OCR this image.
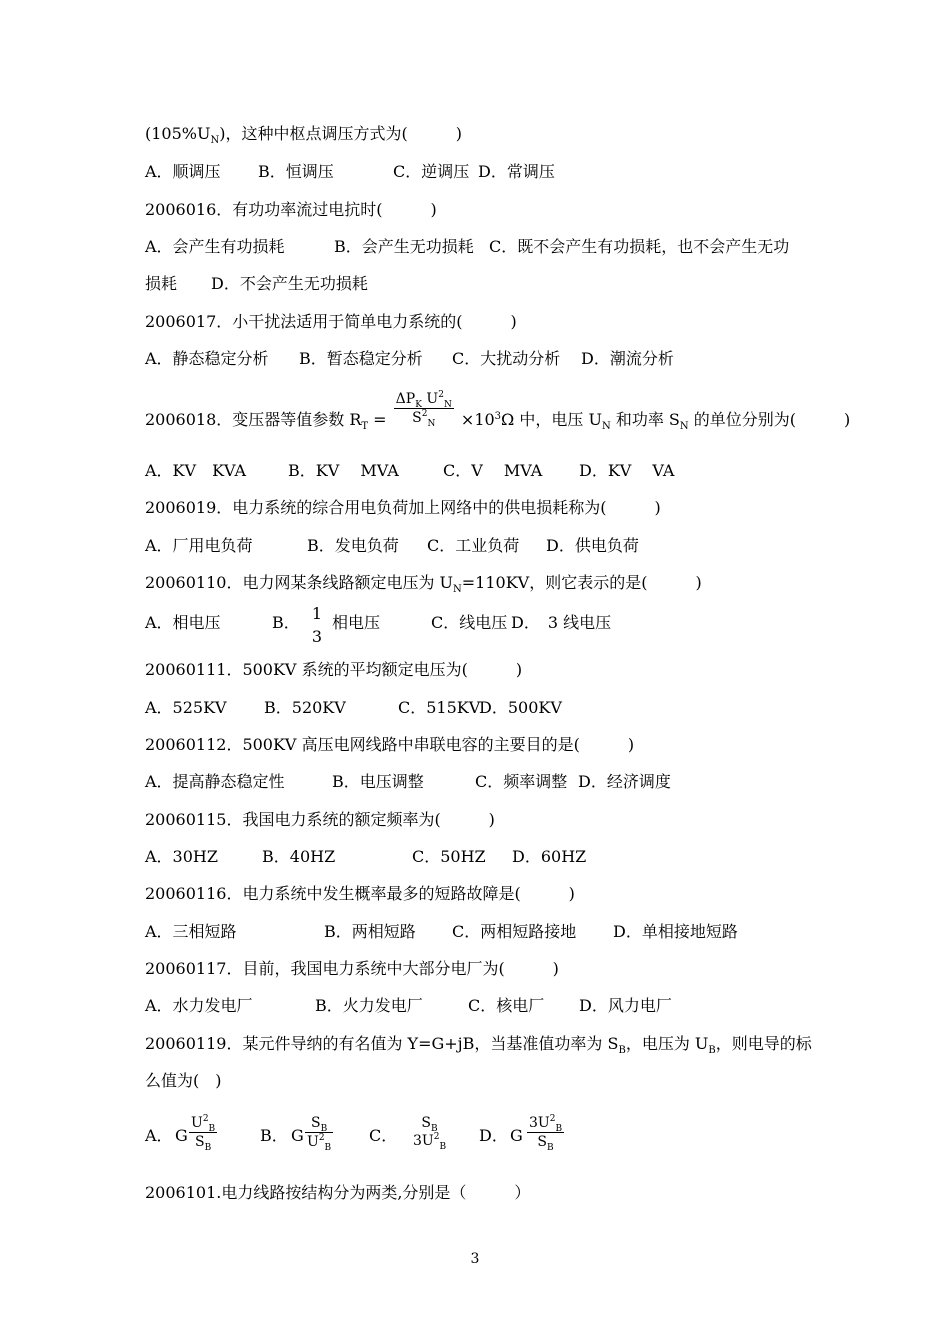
$(105\%U_N)$，这种中枢点调压方式为(　　　)
A．顺调压 B．恒调压	C．逆调压 D．常调压
2006016．有功功率流过电抗时(　　　)
A．会产生有功损耗	B．会产生无功损耗 C．既不会产生有功损耗，也不会产生无功
损耗 D．不会产生无功损耗
2006017．小干扰法适用于简单电力系统的(　　　)
A．静态稳定分析 B．暂态稳定分析 C．大扰动分析 D．潮流分析
2006018．变压器等值参数 $R_T = \frac{\Delta P_K U^2_N}{S^2_N} \times 10^3\Omega$ 中，电压 $U_N$ 和功率 $S_N$ 的单位分别为(　　　)
A．KV　KVA	B．KV　 MVA	C．V　 MVA D．KV　 VA
2006019．电力系统的综合用电负荷加上网络中的供电损耗称为(　　　)
A．厂用电负荷	B．发电负荷 C．工业负荷 D．供电负荷
20060110．电力网某条线路额定电压为 $U_N=110KV$，则它表示的是(　　　)
A．相电压	B． 1
3
相电压	C．线电压 D．　3 线电压
20060111．500KV 系统的平均额定电压为(　　　)
A．525KV B．520KV	C．515KV
D．500KV
20060112．500KV 高压电网线路中串联电容的主要目的是(　　　)
A．提高静态稳定性	B．电压调整	C．频率调整 D．经济调度
20060115．我国电力系统的额定频率为(　　　)
A．30HZ	B．40HZ	C．50HZ D．60HZ
20060116．电力系统中发生概率最多的短路故障是(　　　)
A．三相短路	B．两相短路 C．两相短路接地 D．单相接地短路
20060117．目前，我国电力系统中大部分电厂为(　　　)
A．水力发电厂	B．火力发电厂	C．核电厂 D．风力电厂
20060119．某元件导纳的有名值为 Y=G+jB，当基准值功率为 $S_B$，电压为 $U_B$，则电导的标
么值为(　)
A． G $\frac{U^2_B}{S_B}$	B． G $\frac{S_B}{U^2_B}$ C．
$S_B$
$3U^2_B$
D． G $\frac{3U^2_B}{S_B}$
2006101.电力线路按结构分为两类,分别是（　　　）
3
